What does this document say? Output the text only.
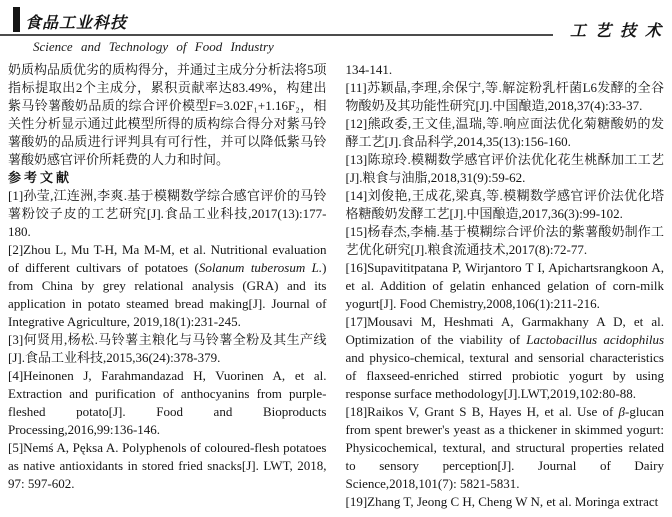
食品工业科技	工艺技术
Science and Technology of Food Industry

奶质构品质优劣的质构得分，并通过主成分分析法将5项指标提取出2个主成分，累积贡献率达83.49%，构建出紫马铃薯酸奶品质的综合评价模型F=3.02F₁+1.16F₂，相关性分析显示通过此模型所得的质构综合得分对紫马铃薯酸奶的品质进行评判具有可行性，并可以降低紫马铃薯酸奶感官评价所耗费的人力和时间。

参考文献

[1]孙莹,江连洲,李爽.基于模糊数学综合感官评价的马铃薯粉饺子皮的工艺研究[J].食品工业科技,2017(13):177-180.

[2]Zhou L, Mu T-H, Ma M-M, et al. Nutritional evaluation of different cultivars of potatoes (Solanum tuberosum L.) from China by grey relational analysis (GRA) and its application in potato steamed bread making[J]. Journal of Integrative Agriculture, 2019,18(1):231-245.

[3]何贤用,杨松.马铃薯主粮化与马铃薯全粉及其生产线[J].食品工业科技,2015,36(24):378-379.

[4]Heinonen J, Farahmandazad H, Vuorinen A, et al. Extraction and purification of anthocyanins from purple-fleshed potato[J]. Food and Bioproducts Processing,2016,99:136-146.

[5]Nemś A, Pęksa A. Polyphenols of coloured-flesh potatoes as native antioxidants in stored fried snacks[J]. LWT, 2018, 97: 597-602.

134-141.

[11]苏颖晶,李理,余保宁,等.解淀粉乳杆菌L6发酵的全谷物酸奶及其功能性研究[J].中国酿造,2018,37(4):33-37.

[12]熊政委,王文佳,温瑞,等.响应面法优化菊糖酸奶的发酵工艺[J].食品科学,2014,35(13):156-160.

[13]陈琼玲.模糊数学感官评价法优化花生桃酥加工工艺[J].粮食与油脂,2018,31(9):59-62.

[14]刘俊艳,王成花,梁真,等.模糊数学感官评价法优化塔格糖酸奶发酵工艺[J].中国酿造,2017,36(3):99-102.

[15]杨春杰,李楠.基于模糊综合评价法的紫薯酸奶制作工艺优化研究[J].粮食流通技术,2017(8):72-77.

[16]Supavititpatana P, Wirjantoro T I, Apichartsrangkoon A, et al. Addition of gelatin enhanced gelation of corn-milk yogurt[J]. Food Chemistry,2008,106(1):211-216.

[17]Mousavi M, Heshmati A, Garmakhany A D, et al. Optimization of the viability of Lactobacillus acidophilus and physico-chemical, textural and sensorial characteristics of flaxseed-enriched stirred probiotic yogurt by using response surface methodology[J].LWT,2019,102:80-88.

[18]Raikos V, Grant S B, Hayes H, et al. Use of β-glucan from spent brewer's yeast as a thickener in skimmed yogurt: Physicochemical, textural, and structural properties related to sensory perception[J]. Journal of Dairy Science,2018,101(7): 5821-5831.

[19]Zhang T, Jeong C H, Cheng W N, et al. Moringa extract
